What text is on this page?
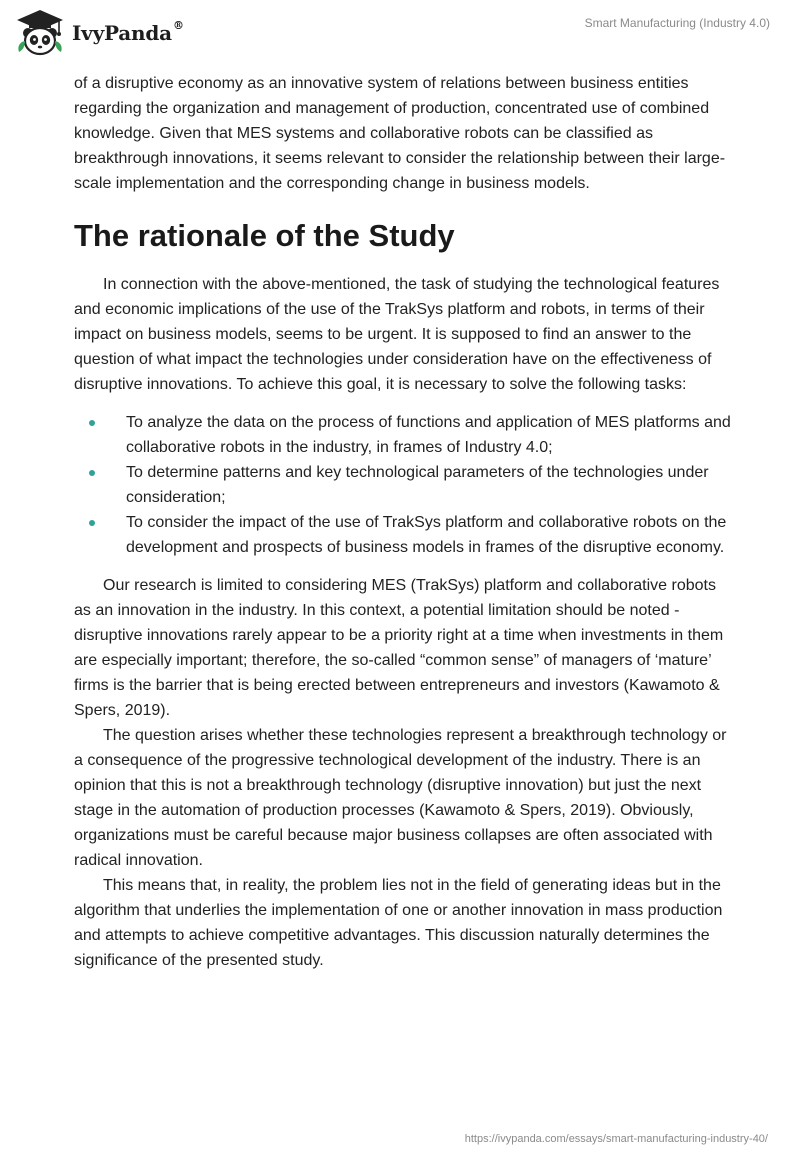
IvyPanda®	Smart Manufacturing (Industry 4.0)

of a disruptive economy as an innovative system of relations between business entities regarding the organization and management of production, concentrated use of combined knowledge. Given that MES systems and collaborative robots can be classified as breakthrough innovations, it seems relevant to consider the relationship between their large-scale implementation and the corresponding change in business models.

The rationale of the Study

In connection with the above-mentioned, the task of studying the technological features and economic implications of the use of the TrakSys platform and robots, in terms of their impact on business models, seems to be urgent. It is supposed to find an answer to the question of what impact the technologies under consideration have on the effectiveness of disruptive innovations. To achieve this goal, it is necessary to solve the following tasks:

To analyze the data on the process of functions and application of MES platforms and collaborative robots in the industry, in frames of Industry 4.0;
To determine patterns and key technological parameters of the technologies under consideration;
To consider the impact of the use of TrakSys platform and collaborative robots on the development and prospects of business models in frames of the disruptive economy.

Our research is limited to considering MES (TrakSys) platform and collaborative robots as an innovation in the industry. In this context, a potential limitation should be noted - disruptive innovations rarely appear to be a priority right at a time when investments in them are especially important; therefore, the so-called “common sense” of managers of ‘mature’ firms is the barrier that is being erected between entrepreneurs and investors (Kawamoto & Spers, 2019).

The question arises whether these technologies represent a breakthrough technology or a consequence of the progressive technological development of the industry. There is an opinion that this is not a breakthrough technology (disruptive innovation) but just the next stage in the automation of production processes (Kawamoto & Spers, 2019). Obviously, organizations must be careful because major business collapses are often associated with radical innovation.

This means that, in reality, the problem lies not in the field of generating ideas but in the algorithm that underlies the implementation of one or another innovation in mass production and attempts to achieve competitive advantages. This discussion naturally determines the significance of the presented study.

https://ivypanda.com/essays/smart-manufacturing-industry-40/
